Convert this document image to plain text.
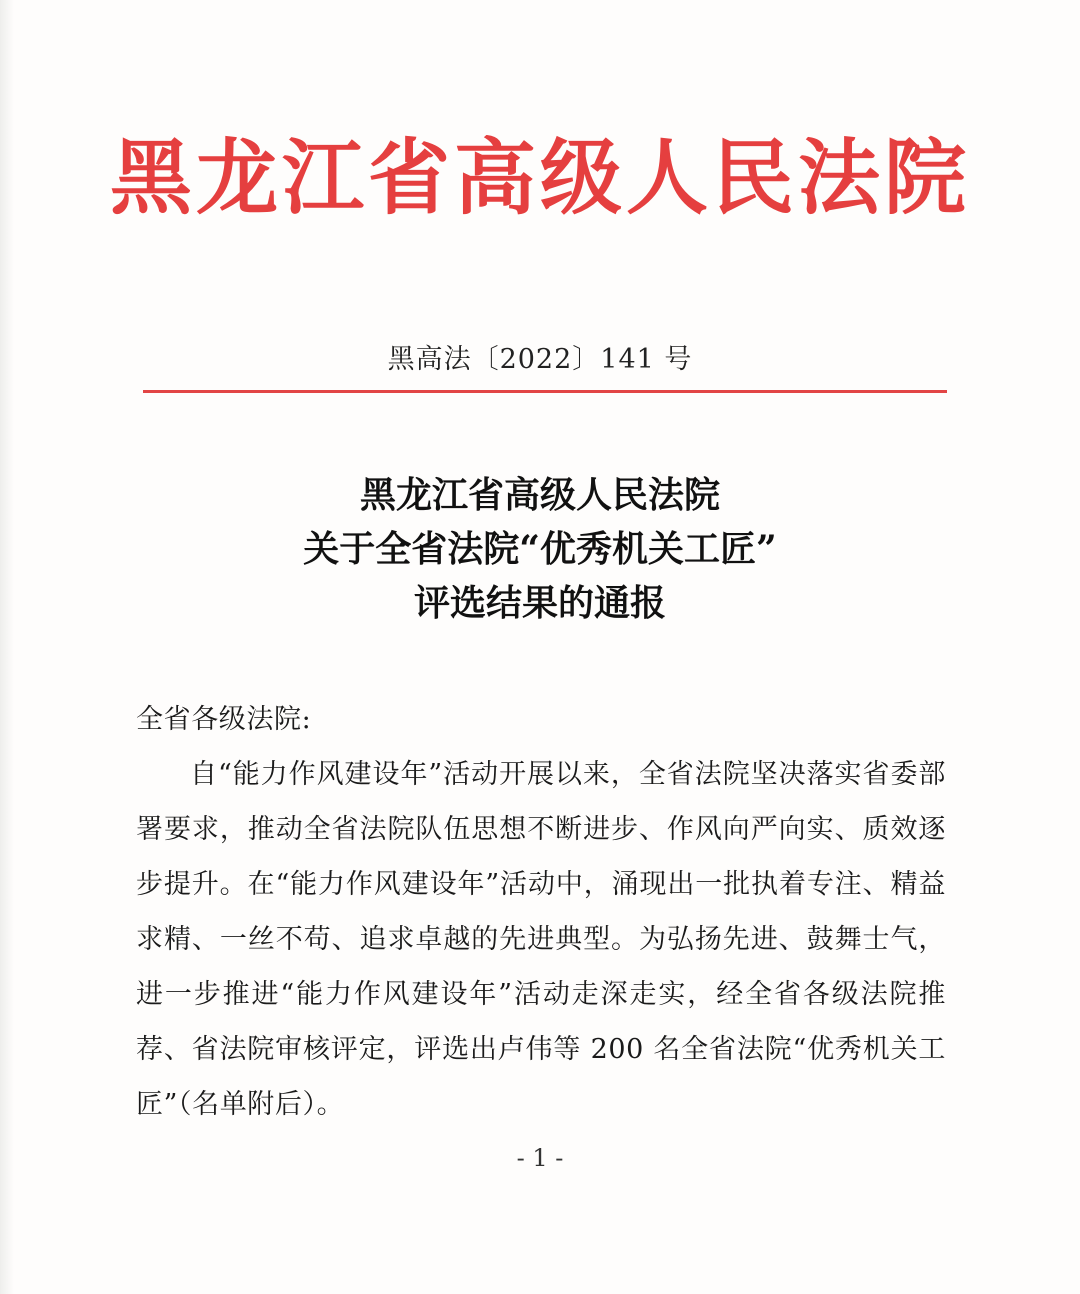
黑龙江省高级人民法院
黑高法〔2022〕141 号
黑龙江省高级人民法院
关于全省法院“优秀机关工匠”
评选结果的通报
全省各级法院:
自“能力作风建设年”活动开展以来，全省法院坚决落实省委部署要求，推动全省法院队伍思想不断进步、作风向严向实、质效逐步提升。在“能力作风建设年”活动中，涌现出一批执着专注、精益求精、一丝不苟、追求卓越的先进典型。为弘扬先进、鼓舞士气，进一步推进“能力作风建设年”活动走深走实，经全省各级法院推荐、省法院审核评定，评选出卢伟等 200 名全省法院“优秀机关工匠”（名单附后）。
- 1 -
